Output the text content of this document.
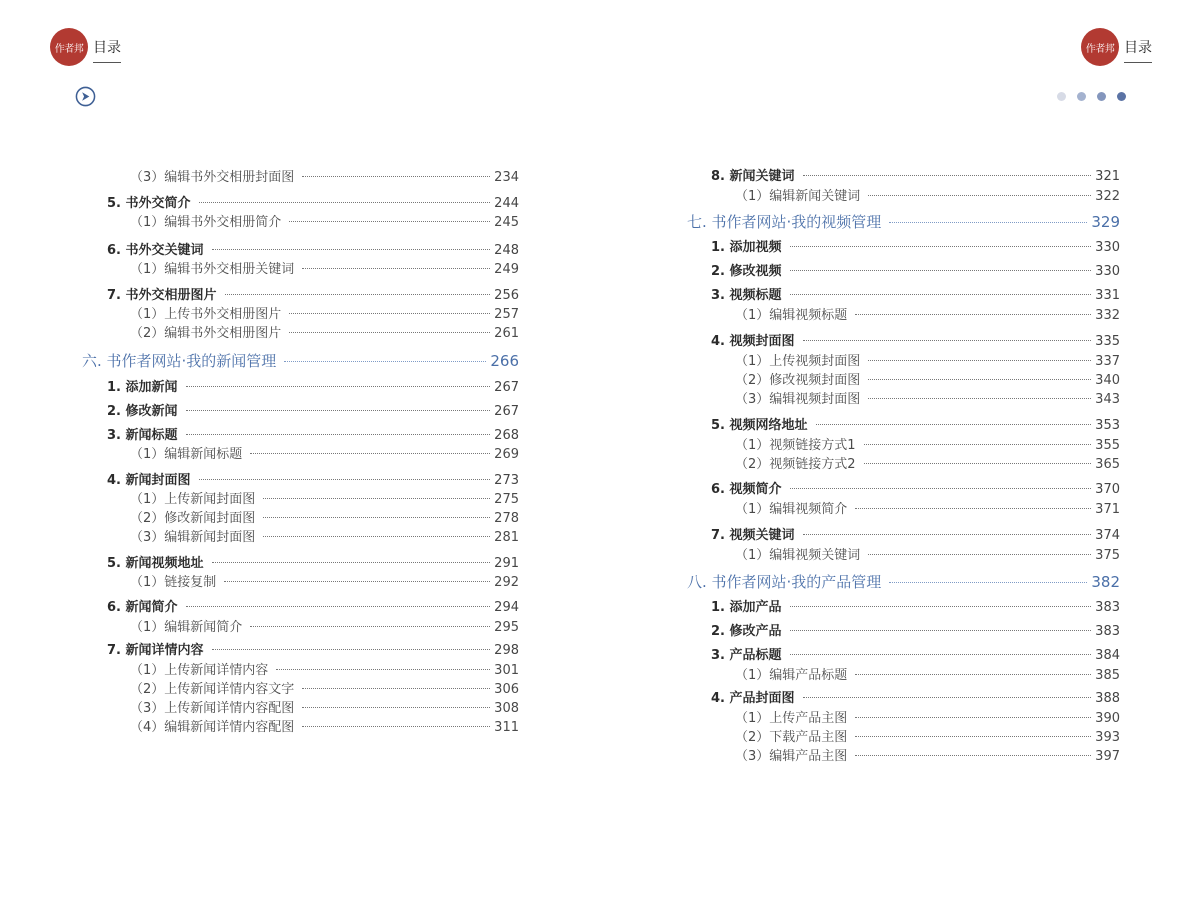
作者邦 目录	作者邦 目录
（3）编辑书外交相册封面图	234
5. 书外交简介	244
（1）编辑书外交相册简介	245
6. 书外交关键词	248
（1）编辑书外交相册关键词	249
7. 书外交相册图片	256
（1）上传书外交相册图片	257
（2）编辑书外交相册图片	261
六. 书作者网站·我的新闻管理	266
1. 添加新闻	267
2. 修改新闻	267
3. 新闻标题	268
（1）编辑新闻标题	269
4. 新闻封面图	273
（1）上传新闻封面图	275
（2）修改新闻封面图	278
（3）编辑新闻封面图	281
5. 新闻视频地址	291
（1）链接复制	292
6. 新闻简介	294
（1）编辑新闻简介	295
7. 新闻详情内容	298
（1）上传新闻详情内容	301
（2）上传新闻详情内容文字	306
（3）上传新闻详情内容配图	308
（4）编辑新闻详情内容配图	311
8. 新闻关键词	321
（1）编辑新闻关键词	322
七. 书作者网站·我的视频管理	329
1. 添加视频	330
2. 修改视频	330
3. 视频标题	331
（1）编辑视频标题	332
4. 视频封面图	335
（1）上传视频封面图	337
（2）修改视频封面图	340
（3）编辑视频封面图	343
5. 视频网络地址	353
（1）视频链接方式1	355
（2）视频链接方式2	365
6. 视频简介	370
（1）编辑视频简介	371
7. 视频关键词	374
（1）编辑视频关键词	375
八. 书作者网站·我的产品管理	382
1. 添加产品	383
2. 修改产品	383
3. 产品标题	384
（1）编辑产品标题	385
4. 产品封面图	388
（1）上传产品主图	390
（2）下载产品主图	393
（3）编辑产品主图	397
